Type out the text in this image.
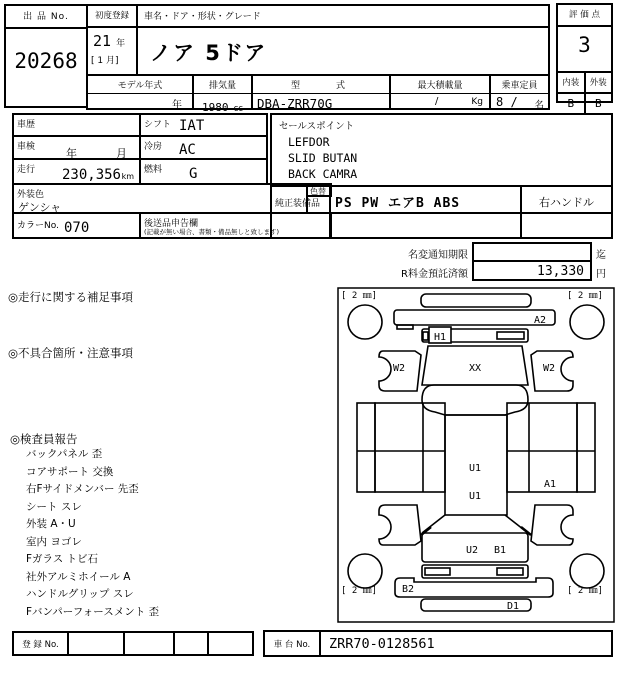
出 品 No.
20268
初度登録
21 年
[ 1 月]
車名・ドア・形状・グレード
ノア 5ドア
モデル年式
年
排気量
1980 cc
型　　式
DBA-ZRR70G
最大積載量
/	Kg
乗車定員
8 / 名
評 価 点
3
内装	外装
B	B
車歴	シフト IAT
車検	年	月 冷房 AC
走行 230,356 km
燃料 G
外装色
ゲンシャ
色替
カラーNo. 070	後送品申告欄
(記載が無い場合、書類・備品無しと致します)
セールスポイント
LEFDOR
SLID BUTAN
BACK CAMRA
純正装備品 PS PW エアB ABS	右ハンドル
名変通知期限	迄
R料金預託済額	13,330 円
◎走行に関する補足事項
◎不具合箇所・注意事項
◎検査員報告
バックパネル 歪
コアサポート 交換
右Fサイドメンバー 先歪
シート スレ
外装 A・U
室内 ヨゴレ
Fガラス トビ石
社外アルミホイール A
ハンドルグリップ スレ
Fバンパーフォースメント 歪
[ 2 ㎜]	[ 2 ㎜]
[ 2 ㎜]	[ 2 ㎜]
A2
H1
W2	XX	W2
U1
U1
A1
U2 B1
B2
D1
登 録 No.	車 台 No.	ZRR70-0128561
